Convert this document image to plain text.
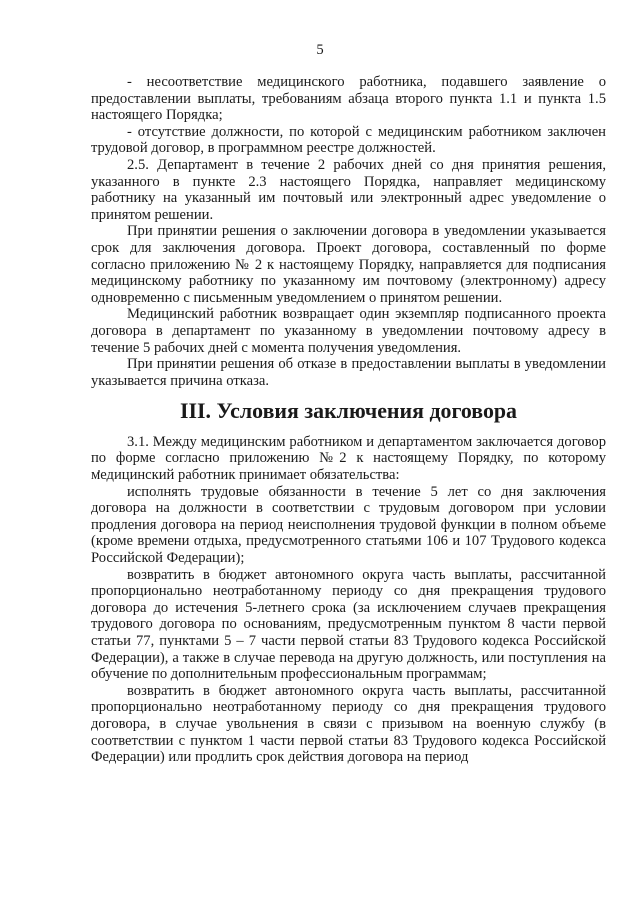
5

- несоответствие медицинского работника, подавшего заявление о предоставлении выплаты, требованиям абзаца второго пункта 1.1 и пункта 1.5 настоящего Порядка;

- отсутствие должности, по которой с медицинским работником заключен трудовой договор, в программном реестре должностей.

2.5. Департамент в течение 2 рабочих дней со дня принятия решения, указанного в пункте 2.3 настоящего Порядка, направляет медицинскому работнику на указанный им почтовый или электронный адрес уведомление о принятом решении.

При принятии решения о заключении договора в уведомлении указывается срок для заключения договора. Проект договора, составленный по форме согласно приложению № 2 к настоящему Порядку, направляется для подписания медицинскому работнику по указанному им почтовому (электронному) адресу одновременно с письменным уведомлением о принятом решении.

Медицинский работник возвращает один экземпляр подписанного проекта договора в департамент по указанному в уведомлении почтовому адресу в течение 5 рабочих дней с момента получения уведомления.

При принятии решения об отказе в предоставлении выплаты в уведомлении указывается причина отказа.

III. Условия заключения договора

3.1. Между медицинским работником и департаментом заключается договор по форме согласно приложению №2 к настоящему Порядку, по которому медицинский работник принимает обязательства:

исполнять трудовые обязанности в течение 5 лет со дня заключения договора на должности в соответствии с трудовым договором при условии продления договора на период неисполнения трудовой функции в полном объеме (кроме времени отдыха, предусмотренного статьями 106 и 107 Трудового кодекса Российской Федерации);

возвратить в бюджет автономного округа часть выплаты, рассчитанной пропорционально неотработанному периоду со дня прекращения трудового договора до истечения 5-летнего срока (за исключением случаев прекращения трудового договора по основаниям, предусмотренным пунктом 8 части первой статьи 77, пунктами 5 – 7 части первой статьи 83 Трудового кодекса Российской Федерации), а также в случае перевода на другую должность, или поступления на обучение по дополнительным профессиональным программам;

возвратить в бюджет автономного округа часть выплаты, рассчитанной пропорционально неотработанному периоду со дня прекращения трудового договора, в случае увольнения в связи с призывом на военную службу (в соответствии с пунктом 1 части первой статьи 83 Трудового кодекса Российской Федерации) или продлить срок действия договора на период
